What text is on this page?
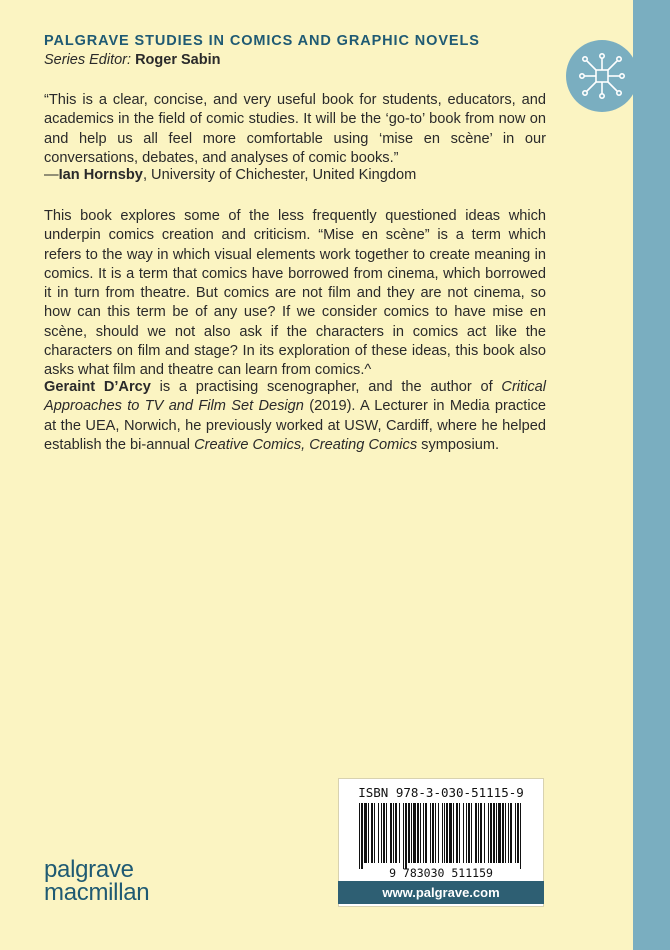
PALGRAVE STUDIES IN COMICS AND GRAPHIC NOVELS
Series Editor: Roger Sabin

“This is a clear, concise, and very useful book for students, educators, and academics in the field of comic studies. It will be the ‘go-to’ book from now on and help us all feel more comfortable using ‘mise en scène’ in our conversations, debates, and analyses of comic books.”

—Ian Hornsby, University of Chichester, United Kingdom

This book explores some of the less frequently questioned ideas which underpin comics creation and criticism. “Mise en scène” is a term which refers to the way in which visual elements work together to create meaning in comics. It is a term that comics have borrowed from cinema, which borrowed it in turn from theatre. But comics are not film and they are not cinema, so how can this term be of any use? If we consider comics to have mise en scène, should we not also ask if the characters in comics act like the characters on film and stage? In its exploration of these ideas, this book also asks what film and theatre can learn from comics.^

Geraint D’Arcy is a practising scenographer, and the author of Critical Approaches to TV and Film Set Design (2019). A Lecturer in Media practice at the UEA, Norwich, he previously worked at USW, Cardiff, where he helped establish the bi-annual Creative Comics, Creating Comics symposium.

ISBN 978-3-030-51115-9
9 783030 511159
www.palgrave.com
palgrave
macmillan
